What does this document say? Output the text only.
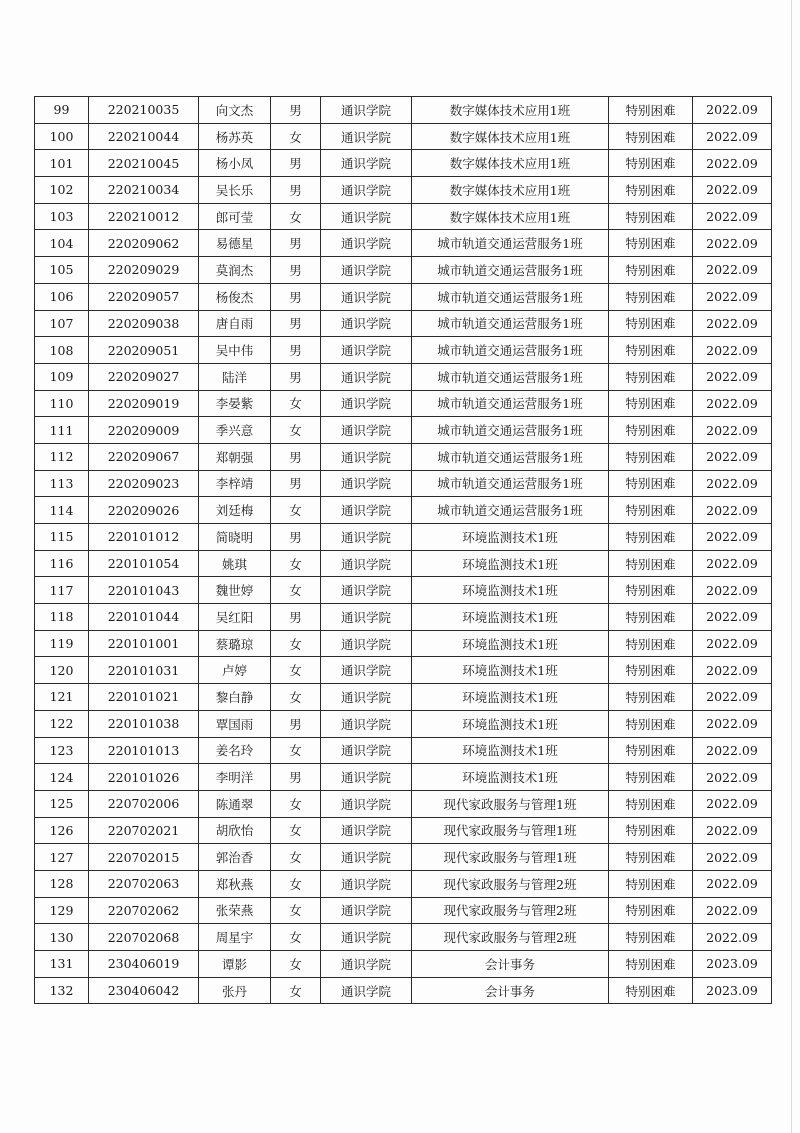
99	220210035	向文杰	男	通识学院	数字媒体技术应用1班	特别困难	2022.09
100	220210044	杨苏英	女	通识学院	数字媒体技术应用1班	特别困难	2022.09
101	220210045	杨小凤	男	通识学院	数字媒体技术应用1班	特别困难	2022.09
102	220210034	吴长乐	男	通识学院	数字媒体技术应用1班	特别困难	2022.09
103	220210012	郎可莹	女	通识学院	数字媒体技术应用1班	特别困难	2022.09
104	220209062	易德星	男	通识学院	城市轨道交通运营服务1班	特别困难	2022.09
105	220209029	莫润杰	男	通识学院	城市轨道交通运营服务1班	特别困难	2022.09
106	220209057	杨俊杰	男	通识学院	城市轨道交通运营服务1班	特别困难	2022.09
107	220209038	唐自雨	男	通识学院	城市轨道交通运营服务1班	特别困难	2022.09
108	220209051	吴中伟	男	通识学院	城市轨道交通运营服务1班	特别困难	2022.09
109	220209027	陆洋	男	通识学院	城市轨道交通运营服务1班	特别困难	2022.09
110	220209019	李晏紫	女	通识学院	城市轨道交通运营服务1班	特别困难	2022.09
111	220209009	季兴意	女	通识学院	城市轨道交通运营服务1班	特别困难	2022.09
112	220209067	郑朝强	男	通识学院	城市轨道交通运营服务1班	特别困难	2022.09
113	220209023	李梓靖	男	通识学院	城市轨道交通运营服务1班	特别困难	2022.09
114	220209026	刘廷梅	女	通识学院	城市轨道交通运营服务1班	特别困难	2022.09
115	220101012	简晓明	男	通识学院	环境监测技术1班	特别困难	2022.09
116	220101054	姚琪	女	通识学院	环境监测技术1班	特别困难	2022.09
117	220101043	魏世婷	女	通识学院	环境监测技术1班	特别困难	2022.09
118	220101044	吴红阳	男	通识学院	环境监测技术1班	特别困难	2022.09
119	220101001	蔡璐琼	女	通识学院	环境监测技术1班	特别困难	2022.09
120	220101031	卢婷	女	通识学院	环境监测技术1班	特别困难	2022.09
121	220101021	黎白静	女	通识学院	环境监测技术1班	特别困难	2022.09
122	220101038	覃国雨	男	通识学院	环境监测技术1班	特别困难	2022.09
123	220101013	姜名玲	女	通识学院	环境监测技术1班	特别困难	2022.09
124	220101026	李明洋	男	通识学院	环境监测技术1班	特别困难	2022.09
125	220702006	陈通翠	女	通识学院	现代家政服务与管理1班	特别困难	2022.09
126	220702021	胡欣怡	女	通识学院	现代家政服务与管理1班	特别困难	2022.09
127	220702015	郭治香	女	通识学院	现代家政服务与管理1班	特别困难	2022.09
128	220702063	郑秋燕	女	通识学院	现代家政服务与管理2班	特别困难	2022.09
129	220702062	张荣燕	女	通识学院	现代家政服务与管理2班	特别困难	2022.09
130	220702068	周星宇	女	通识学院	现代家政服务与管理2班	特别困难	2022.09
131	230406019	谭影	女	通识学院	会计事务	特别困难	2023.09
132	230406042	张丹	女	通识学院	会计事务	特别困难	2023.09
